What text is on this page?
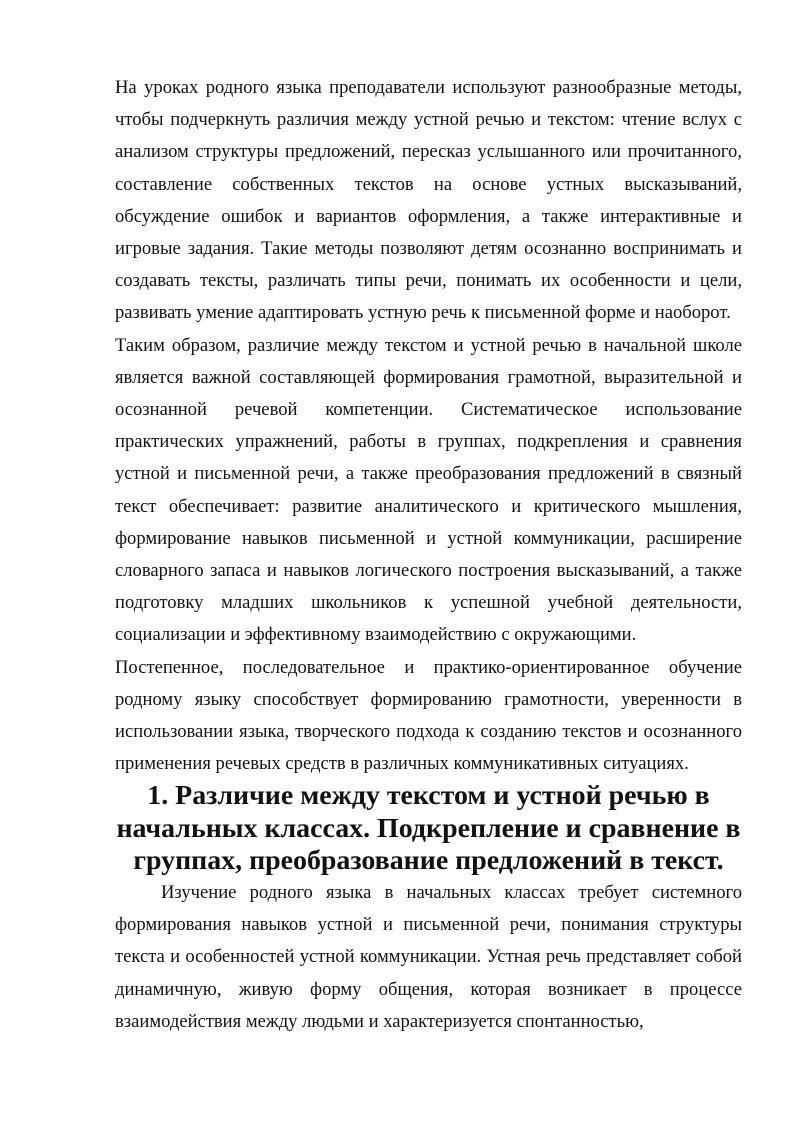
На уроках родного языка преподаватели используют разнообразные методы, чтобы подчеркнуть различия между устной речью и текстом: чтение вслух с анализом структуры предложений, пересказ услышанного или прочитанного, составление собственных текстов на основе устных высказываний, обсуждение ошибок и вариантов оформления, а также интерактивные и игровые задания. Такие методы позволяют детям осознанно воспринимать и создавать тексты, различать типы речи, понимать их особенности и цели, развивать умение адаптировать устную речь к письменной форме и наоборот.

Таким образом, различие между текстом и устной речью в начальной школе является важной составляющей формирования грамотной, выразительной и осознанной речевой компетенции. Систематическое использование практических упражнений, работы в группах, подкрепления и сравнения устной и письменной речи, а также преобразования предложений в связный текст обеспечивает: развитие аналитического и критического мышления, формирование навыков письменной и устной коммуникации, расширение словарного запаса и навыков логического построения высказываний, а также подготовку младших школьников к успешной учебной деятельности, социализации и эффективному взаимодействию с окружающими.

Постепенное, последовательное и практико-ориентированное обучение родному языку способствует формированию грамотности, уверенности в использовании языка, творческого подхода к созданию текстов и осознанного применения речевых средств в различных коммуникативных ситуациях.

1. Различие между текстом и устной речью в начальных классах. Подкрепление и сравнение в группах, преобразование предложений в текст.

Изучение родного языка в начальных классах требует системного формирования навыков устной и письменной речи, понимания структуры текста и особенностей устной коммуникации. Устная речь представляет собой динамичную, живую форму общения, которая возникает в процессе взаимодействия между людьми и характеризуется спонтанностью,
